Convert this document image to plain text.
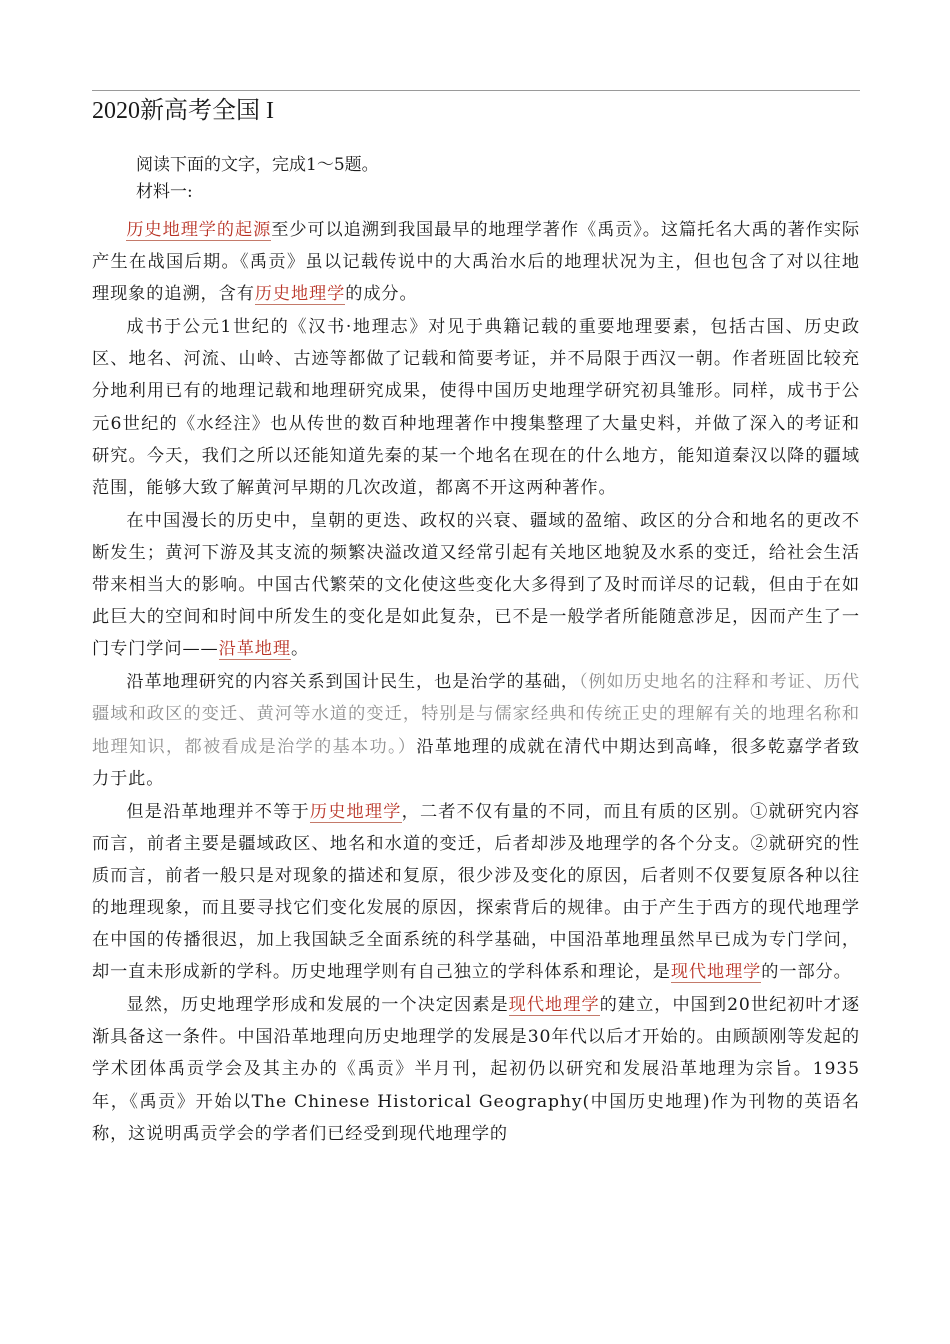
2020新高考全国 I

阅读下面的文字，完成1～5题。

材料一:

历史地理学的起源至少可以追溯到我国最早的地理学著作《禹贡》。这篇托名大禹的著作实际产生在战国后期。《禹贡》虽以记载传说中的大禹治水后的地理状况为主，但也包含了对以往地理现象的追溯，含有历史地理学的成分。

成书于公元1世纪的《汉书·地理志》对见于典籍记载的重要地理要素，包括古国、历史政区、地名、河流、山岭、古迹等都做了记载和简要考证，并不局限于西汉一朝。作者班固比较充分地利用已有的地理记载和地理研究成果，使得中国历史地理学研究初具雏形。同样，成书于公元6世纪的《水经注》也从传世的数百种地理著作中搜集整理了大量史料，并做了深入的考证和研究。今天，我们之所以还能知道先秦的某一个地名在现在的什么地方，能知道秦汉以降的疆域范围，能够大致了解黄河早期的几次改道，都离不开这两种著作。

在中国漫长的历史中，皇朝的更迭、政权的兴衰、疆域的盈缩、政区的分合和地名的更改不断发生；黄河下游及其支流的频繁决溢改道又经常引起有关地区地貌及水系的变迁，给社会生活带来相当大的影响。中国古代繁荣的文化使这些变化大多得到了及时而详尽的记载，但由于在如此巨大的空间和时间中所发生的变化是如此复杂，已不是一般学者所能随意涉足，因而产生了一门专门学问——沿革地理。

沿革地理研究的内容关系到国计民生，也是治学的基础，（例如历史地名的注释和考证、历代疆域和政区的变迁、黄河等水道的变迁，特别是与儒家经典和传统正史的理解有关的地理名称和地理知识，都被看成是治学的基本功。）沿革地理的成就在清代中期达到高峰，很多乾嘉学者致力于此。

但是沿革地理并不等于历史地理学，二者不仅有量的不同，而且有质的区别。①就研究内容而言，前者主要是疆域政区、地名和水道的变迁，后者却涉及地理学的各个分支。②就研究的性质而言，前者一般只是对现象的描述和复原，很少涉及变化的原因，后者则不仅要复原各种以往的地理现象，而且要寻找它们变化发展的原因，探索背后的规律。由于产生于西方的现代地理学在中国的传播很迟，加上我国缺乏全面系统的科学基础，中国沿革地理虽然早已成为专门学问，却一直未形成新的学科。历史地理学则有自己独立的学科体系和理论，是现代地理学的一部分。

显然，历史地理学形成和发展的一个决定因素是现代地理学的建立，中国到20世纪初叶才逐渐具备这一条件。中国沿革地理向历史地理学的发展是30年代以后才开始的。由顾颉刚等发起的学术团体禹贡学会及其主办的《禹贡》半月刊，起初仍以研究和发展沿革地理为宗旨。1935年，《禹贡》开始以The Chinese Historical Geography(中国历史地理)作为刊物的英语名称，这说明禹贡学会的学者们已经受到现代地理学的
